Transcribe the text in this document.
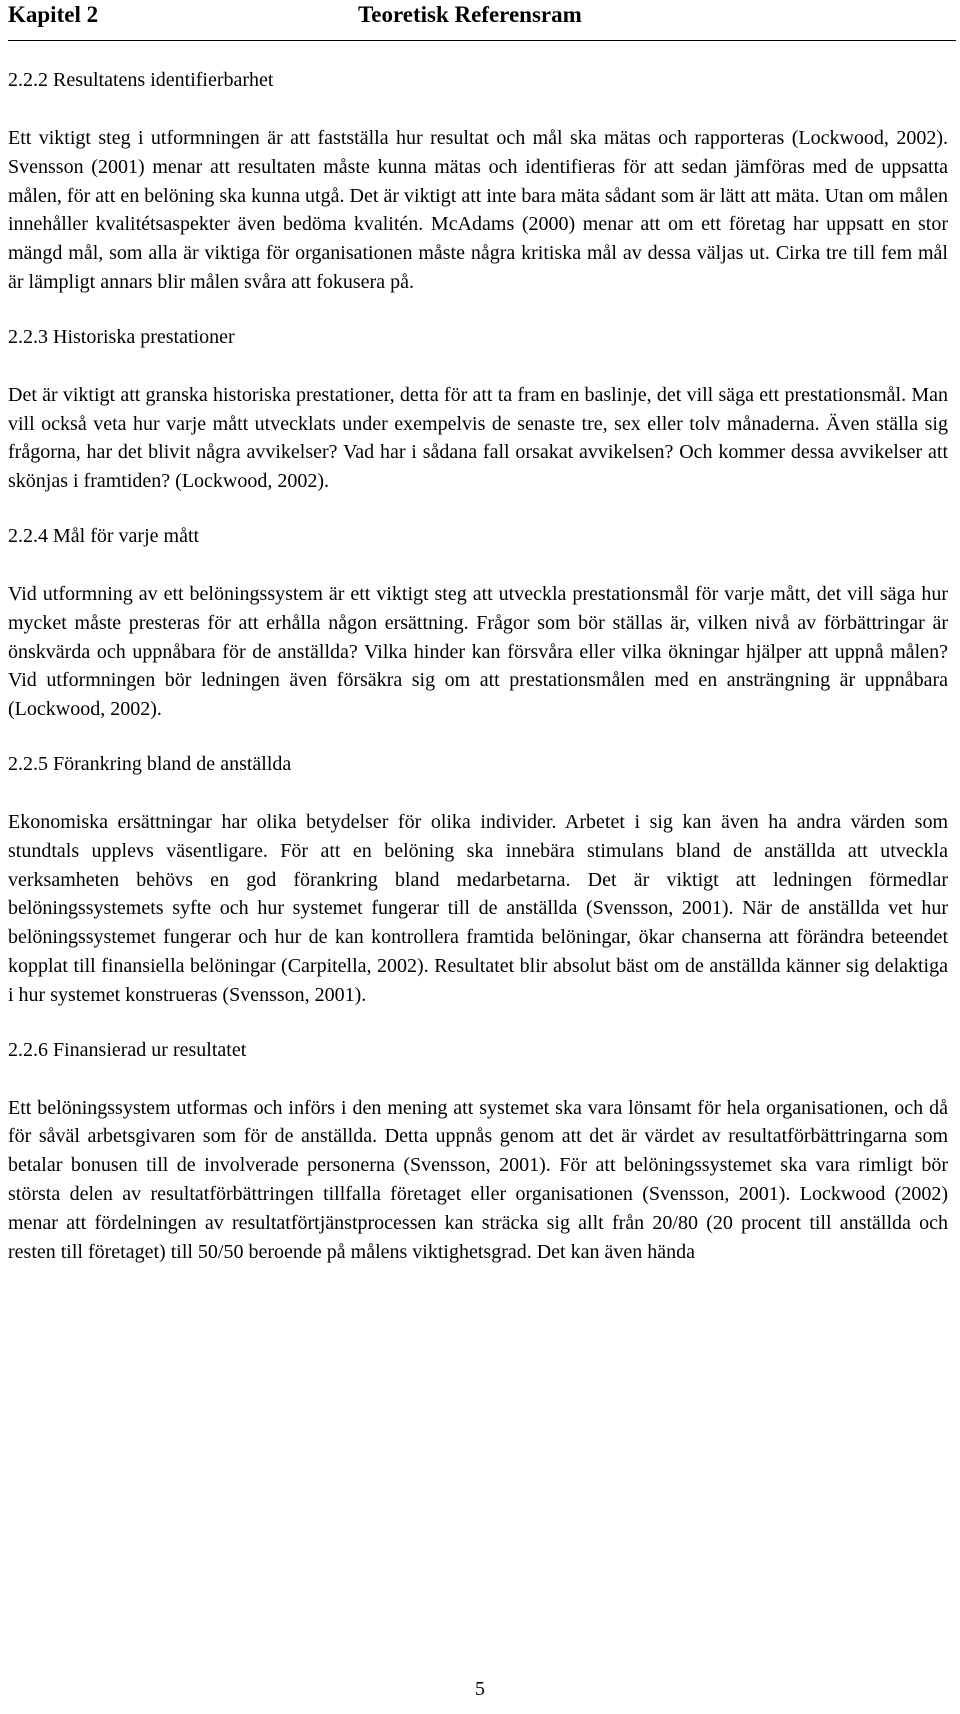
Kapitel 2	Teoretisk Referensram
2.2.2 Resultatens identifierbarhet

Ett viktigt steg i utformningen är att fastställa hur resultat och mål ska mätas och rapporteras (Lockwood, 2002). Svensson (2001) menar att resultaten måste kunna mätas och identifieras för att sedan jämföras med de uppsatta målen, för att en belöning ska kunna utgå. Det är viktigt att inte bara mäta sådant som är lätt att mäta. Utan om målen innehåller kvalitétsaspekter även bedöma kvalitén. McAdams (2000) menar att om ett företag har uppsatt en stor mängd mål, som alla är viktiga för organisationen måste några kritiska mål av dessa väljas ut. Cirka tre till fem mål är lämpligt annars blir målen svåra att fokusera på.

2.2.3 Historiska prestationer

Det är viktigt att granska historiska prestationer, detta för att ta fram en baslinje, det vill säga ett prestationsmål. Man vill också veta hur varje mått utvecklats under exempelvis de senaste tre, sex eller tolv månaderna. Även ställa sig frågorna, har det blivit några avvikelser? Vad har i sådana fall orsakat avvikelsen? Och kommer dessa avvikelser att skönjas i framtiden? (Lockwood, 2002).

2.2.4 Mål för varje mått

Vid utformning av ett belöningssystem är ett viktigt steg att utveckla prestationsmål för varje mått, det vill säga hur mycket måste presteras för att erhålla någon ersättning. Frågor som bör ställas är, vilken nivå av förbättringar är önskvärda och uppnåbara för de anställda? Vilka hinder kan försvåra eller vilka ökningar hjälper att uppnå målen? Vid utformningen bör ledningen även försäkra sig om att prestationsmålen med en ansträngning är uppnåbara (Lockwood, 2002).

2.2.5 Förankring bland de anställda

Ekonomiska ersättningar har olika betydelser för olika individer. Arbetet i sig kan även ha andra värden som stundtals upplevs väsentligare. För att en belöning ska innebära stimulans bland de anställda att utveckla verksamheten behövs en god förankring bland medarbetarna. Det är viktigt att ledningen förmedlar belöningssystemets syfte och hur systemet fungerar till de anställda (Svensson, 2001). När de anställda vet hur belöningssystemet fungerar och hur de kan kontrollera framtida belöningar, ökar chanserna att förändra beteendet kopplat till finansiella belöningar (Carpitella, 2002). Resultatet blir absolut bäst om de anställda känner sig delaktiga i hur systemet konstrueras (Svensson, 2001).

2.2.6 Finansierad ur resultatet

Ett belöningssystem utformas och införs i den mening att systemet ska vara lönsamt för hela organisationen, och då för såväl arbetsgivaren som för de anställda. Detta uppnås genom att det är värdet av resultatförbättringarna som betalar bonusen till de involverade personerna (Svensson, 2001). För att belöningssystemet ska vara rimligt bör största delen av resultatförbättringen tillfalla företaget eller organisationen (Svensson, 2001). Lockwood (2002) menar att fördelningen av resultatförtjänstprocessen kan sträcka sig allt från 20/80 (20 procent till anställda och resten till företaget) till 50/50 beroende på målens viktighetsgrad. Det kan även hända

5
